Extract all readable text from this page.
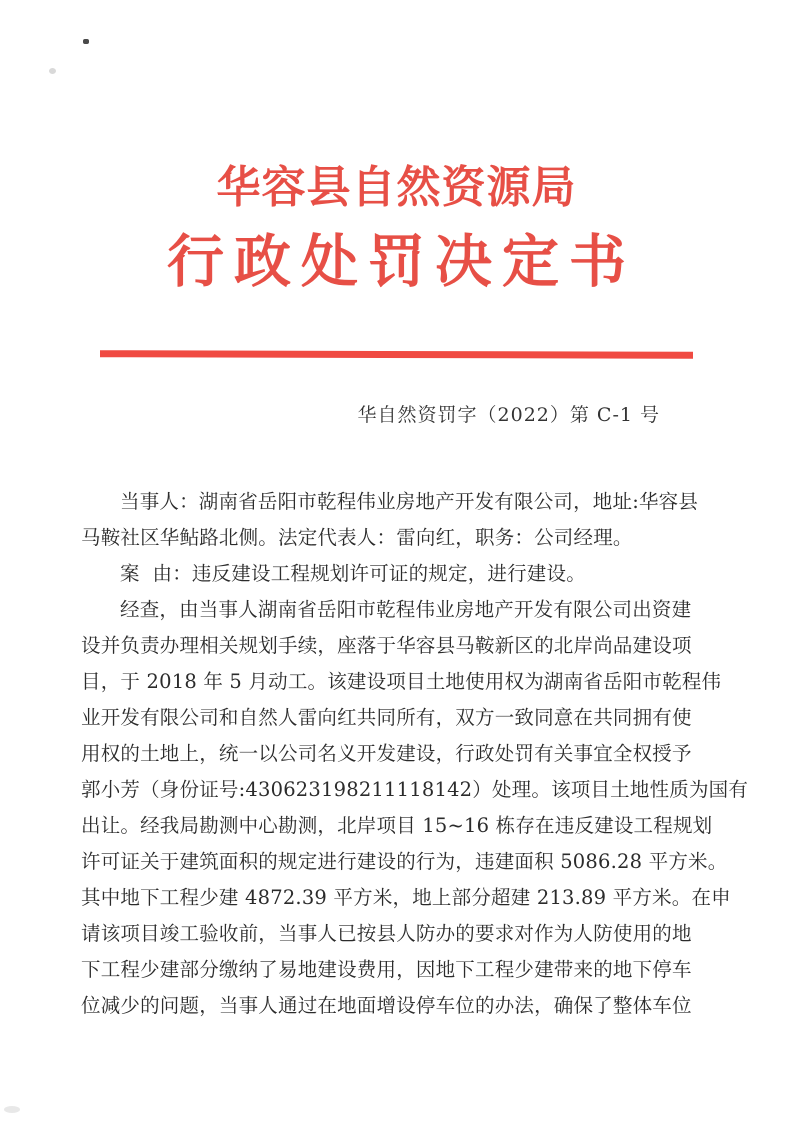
华容县自然资源局
行政处罚决定书
华自然资罚字（2022）第 C-1 号
当事人：湖南省岳阳市乾程伟业房地产开发有限公司，地址:华容县
马鞍社区华鲇路北侧。法定代表人：雷向红，职务：公司经理。
案  由：违反建设工程规划许可证的规定，进行建设。
经查，由当事人湖南省岳阳市乾程伟业房地产开发有限公司出资建
设并负责办理相关规划手续，座落于华容县马鞍新区的北岸尚品建设项
目，于 2018 年 5 月动工。该建设项目土地使用权为湖南省岳阳市乾程伟
业开发有限公司和自然人雷向红共同所有，双方一致同意在共同拥有使
用权的土地上，统一以公司名义开发建设，行政处罚有关事宜全权授予
郭小芳（身份证号:430623198211118142）处理。该项目土地性质为国有
出让。经我局勘测中心勘测，北岸项目 15~16 栋存在违反建设工程规划
许可证关于建筑面积的规定进行建设的行为，违建面积 5086.28 平方米。
其中地下工程少建 4872.39 平方米，地上部分超建 213.89 平方米。在申
请该项目竣工验收前，当事人已按县人防办的要求对作为人防使用的地
下工程少建部分缴纳了易地建设费用，因地下工程少建带来的地下停车
位减少的问题，当事人通过在地面增设停车位的办法，确保了整体车位
